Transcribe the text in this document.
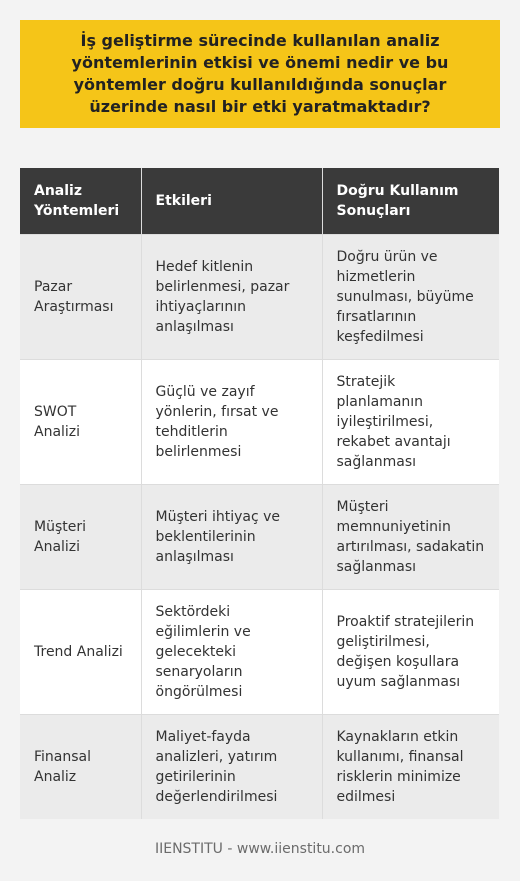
İş geliştirme sürecinde kullanılan analiz yöntemlerinin etkisi ve önemi nedir ve bu yöntemler doğru kullanıldığında sonuçlar üzerinde nasıl bir etki yaratmaktadır?
Analiz Yöntemleri	Etkileri	Doğru Kullanım Sonuçları
Pazar Araştırması	Hedef kitlenin belirlenmesi, pazar ihtiyaçlarının anlaşılması	Doğru ürün ve hizmetlerin sunulması, büyüme fırsatlarının keşfedilmesi
SWOT Analizi	Güçlü ve zayıf yönlerin, fırsat ve tehditlerin belirlenmesi	Stratejik planlamanın iyileştirilmesi, rekabet avantajı sağlanması
Müşteri Analizi	Müşteri ihtiyaç ve beklentilerinin anlaşılması	Müşteri memnuniyetinin artırılması, sadakatin sağlanması
Trend Analizi	Sektördeki eğilimlerin ve gelecekteki senaryoların öngörülmesi	Proaktif stratejilerin geliştirilmesi, değişen koşullara uyum sağlanması
Finansal Analiz	Maliyet-fayda analizleri, yatırım getirilerinin değerlendirilmesi	Kaynakların etkin kullanımı, finansal risklerin minimize edilmesi
IIENSTITU - www.iienstitu.com
